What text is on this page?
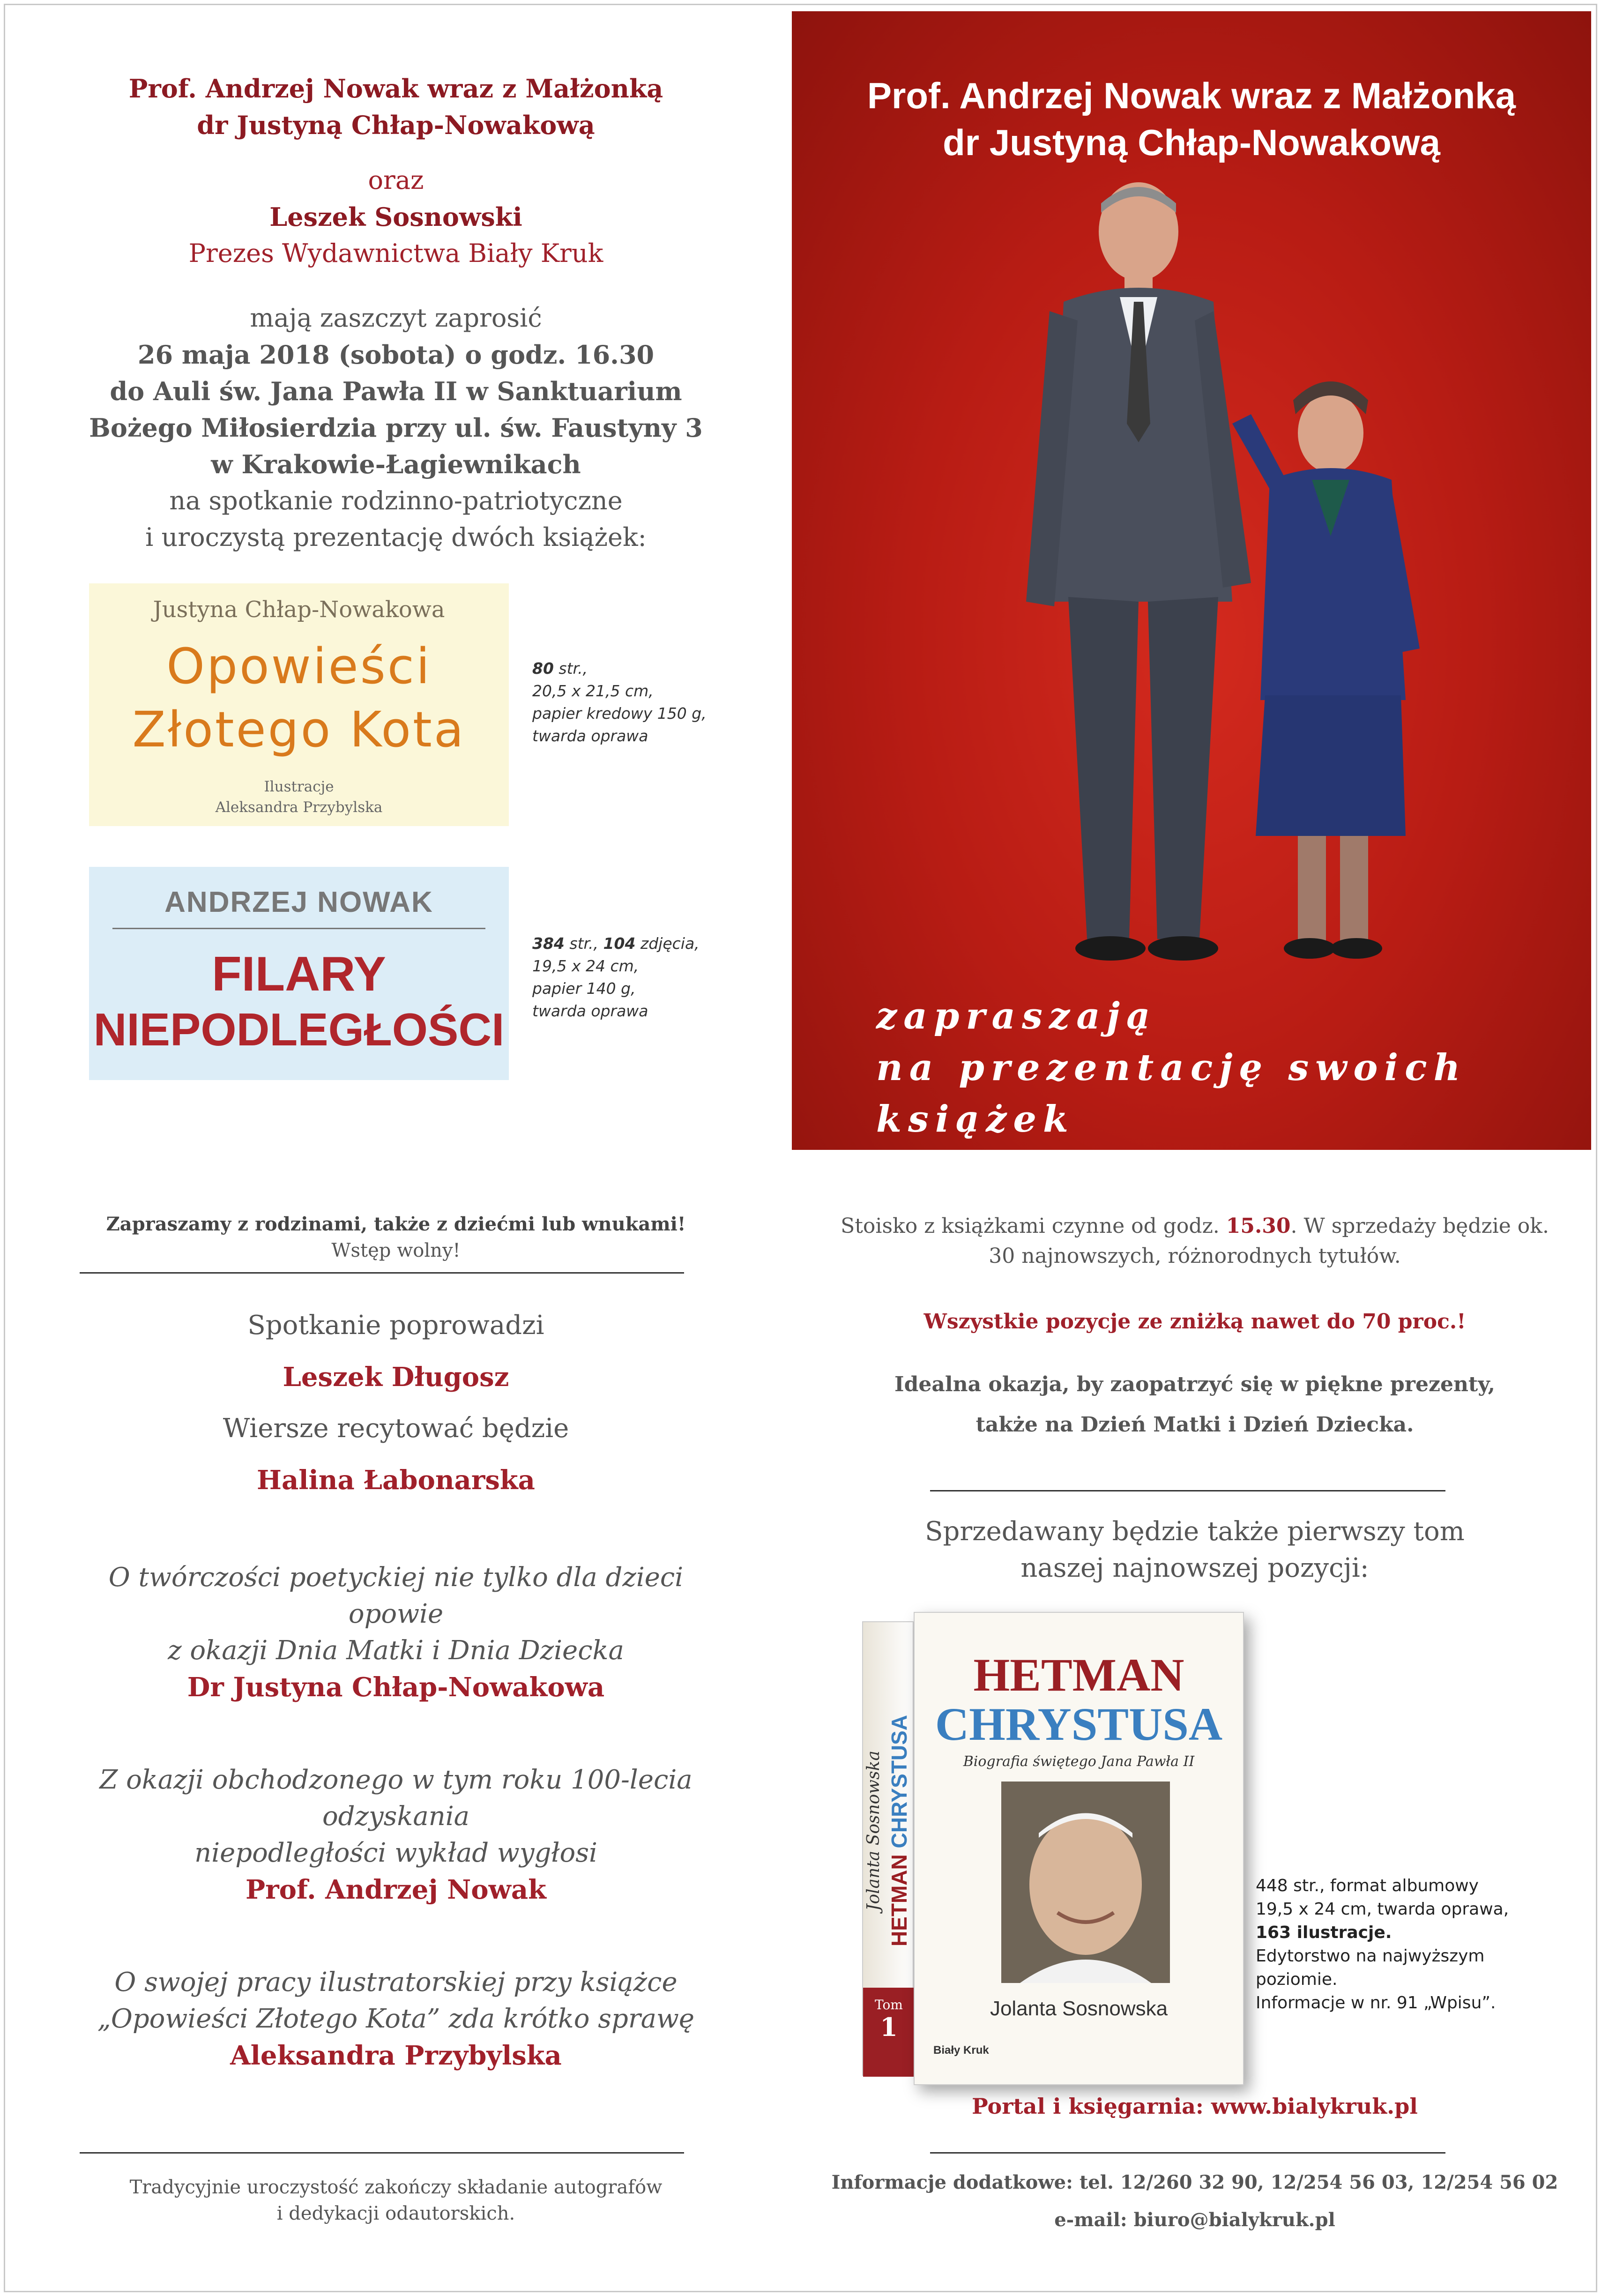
Prof. Andrzej Nowak wraz z Małżonką

dr Justyną Chłap-Nowakową

oraz

Leszek Sosnowski

Prezes Wydawnictwa Biały Kruk

mają zaszczyt zaprosić

26 maja 2018 (sobota) o godz. 16.30

do Auli św. Jana Pawła II w Sanktuarium

Bożego Miłosierdzia przy ul. św. Faustyny 3

w Krakowie-Łagiewnikach

na spotkanie rodzinno-patriotyczne

i uroczystą prezentację dwóch książek:

Justyna Chłap-Nowakowa
Opowieści
Złotego Kota
Ilustracje
Aleksandra Przybylska
80 str.,
20,5 x 21,5 cm,
papier kredowy 150 g,
twarda oprawa
ANDRZEJ NOWAK
FILARY
NIEPODLEGŁOŚCI
384 str., 104 zdjęcia,
19,5 x 24 cm,
papier 140 g,
twarda oprawa
Prof. Andrzej Nowak wraz z Małżonką
dr Justyną Chłap-Nowakową
zapraszają
na prezentację swoich książek
Zapraszamy z rodzinami, także z dziećmi lub wnukami!
Wstęp wolny!
Spotkanie poprowadzi
Leszek Długosz
Wiersze recytować będzie
Halina Łabonarska
O twórczości poetyckiej nie tylko dla dzieci opowie
z okazji Dnia Matki i Dnia Dziecka
Dr Justyna Chłap-Nowakowa
Z okazji obchodzonego w tym roku 100-lecia odzyskania
niepodległości wykład wygłosi
Prof. Andrzej Nowak
O swojej pracy ilustratorskiej przy książce
„Opowieści Złotego Kota” zda krótko sprawę
Aleksandra Przybylska
Tradycyjnie uroczystość zakończy składanie autografów
i dedykacji odautorskich.
Stoisko z książkami czynne od godz. 15.30. W sprzedaży będzie ok.
30 najnowszych, różnorodnych tytułów.
Wszystkie pozycje ze zniżką nawet do 70 proc.!
Idealna okazja, by zaopatrzyć się w piękne prezenty,
także na Dzień Matki i Dzień Dziecka.
Sprzedawany będzie także pierwszy tom
naszej najnowszej pozycji:
Jolanta Sosnowska HETMAN CHRYSTUSA
Tom
1
HETMAN
CHRYSTUSA
Biografia świętego Jana Pawła II
Jolanta Sosnowska
Biały Kruk
448 str., format albumowy
19,5 x 24 cm, twarda oprawa,
163 ilustracje.
Edytorstwo na najwyższym
poziomie.
Informacje w nr. 91 „Wpisu”.
Portal i księgarnia: www.bialykruk.pl
Informacje dodatkowe: tel. 12/260 32 90, 12/254 56 03, 12/254 56 02
e-mail: biuro@bialykruk.pl
